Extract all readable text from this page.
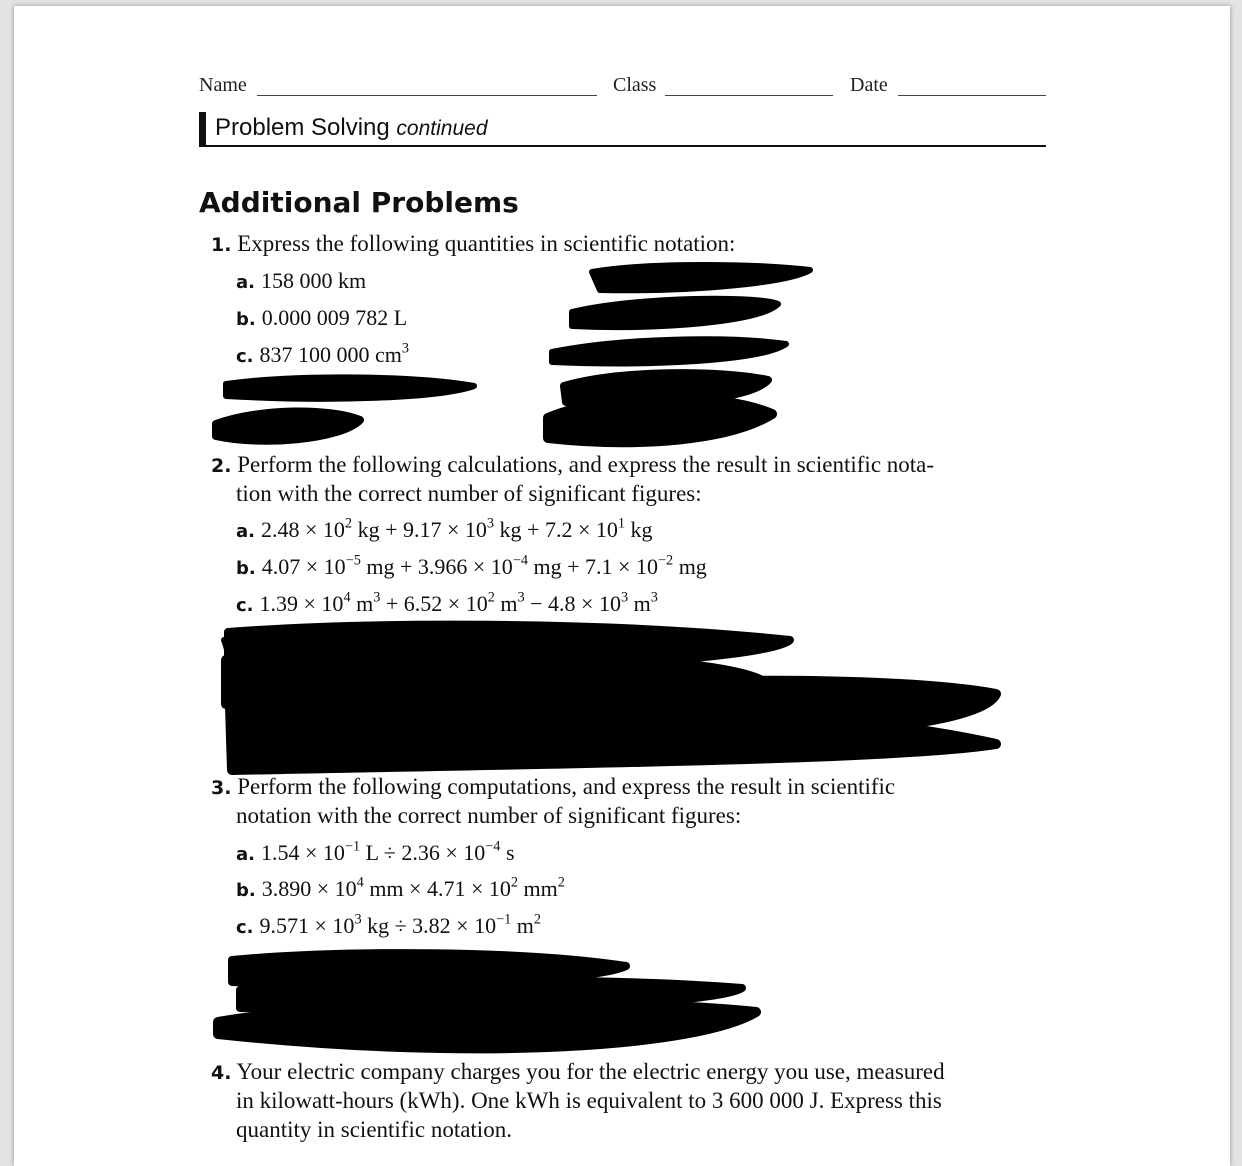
Name	Class	Date
Problem Solving continued
Additional Problems
1. Express the following quantities in scientific notation:
a. 158 000 km
b. 0.000 009 782 L
c. 837 100 000 $cm^3$
2. Perform the following calculations, and express the result in scientific nota-
tion with the correct number of significant figures:
a. $2.48 \times 10^2$ kg + $9.17 \times 10^3$ kg + $7.2 \times 10^1$ kg
b. $4.07 \times 10^{-5}$ mg + $3.966 \times 10^{-4}$ mg + $7.1 \times 10^{-2}$ mg
c. $1.39 \times 10^4$ $m^3 + 6.52 \times 10^2$ $m^3 - 4.8 \times 10^3$ $m^3$
3. Perform the following computations, and express the result in scientific
notation with the correct number of significant figures:
a. $1.54 \times 10^{-1}$ $L \div 2.36 \times 10^{-4}$ s
b. $3.890 \times 10^4$ mm × $4.71 \times 10^2$ $mm^2$
c. $9.571 \times 10^3$ kg ÷ $3.82 \times 10^{-1}$ $m^2$
4. Your electric company charges you for the electric energy you use, measured
in kilowatt-hours (kWh). One kWh is equivalent to 3 600 000 J. Express this
quantity in scientific notation.
